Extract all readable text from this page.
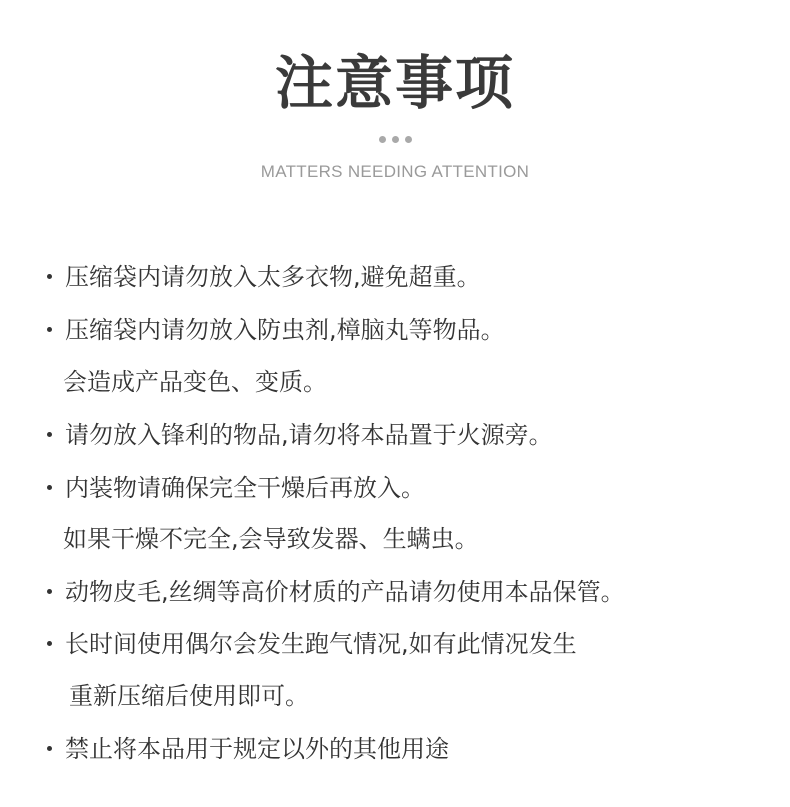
注意事项
MATTERS NEEDING ATTENTION
压缩袋内请勿放入太多衣物,避免超重。
压缩袋内请勿放入防虫剂,樟脑丸等物品。
会造成产品变色、变质。
请勿放入锋利的物品,请勿将本品置于火源旁。
内装物请确保完全干燥后再放入。
如果干燥不完全,会导致发器、生螨虫。
动物皮毛,丝绸等高价材质的产品请勿使用本品保管。
长时间使用偶尔会发生跑气情况,如有此情况发生
重新压缩后使用即可。
禁止将本品用于规定以外的其他用途
